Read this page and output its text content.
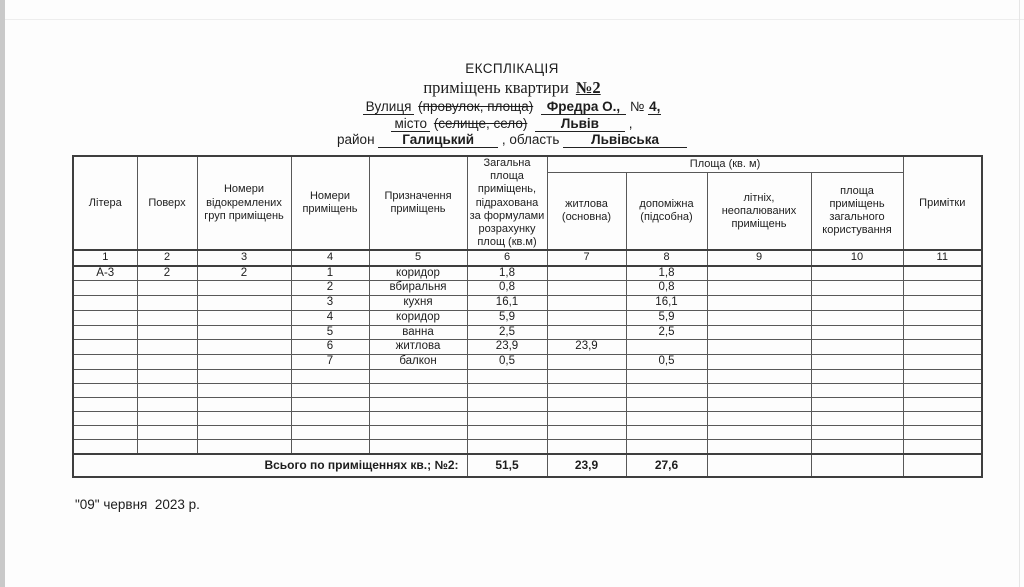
ЕКСПЛІКАЦІЯ
приміщень квартири №2
Вулиця (провулок, площа) Фредра О., № 4,
місто (селище, село) Львів ,
район Галицький , область Львівська
Літера	Поверх	Номери відокремлених груп приміщень	Номери приміщень	Призначення приміщень	Загальна площа приміщень, підрахована за формулами розрахунку площ (кв.м)	Площа (кв. м)				Примітки
						житлова (основна)	допоміжна (підсобна)	літніх, неопалюваних приміщень	площа приміщень загального користування	
1	2	3	4	5	6	7	8	9	10	11
А-3	2	2	1	коридор	1,8		1,8			
			2	вбиральня	0,8		0,8			
			3	кухня	16,1		16,1			
			4	коридор	5,9		5,9			
			5	ванна	2,5		2,5			
			6	житлова	23,9	23,9				
			7	балкон	0,5		0,5			

Всього по приміщеннях кв.; №2:					51,5	23,9	27,6			
"09" червня  2023 р.
